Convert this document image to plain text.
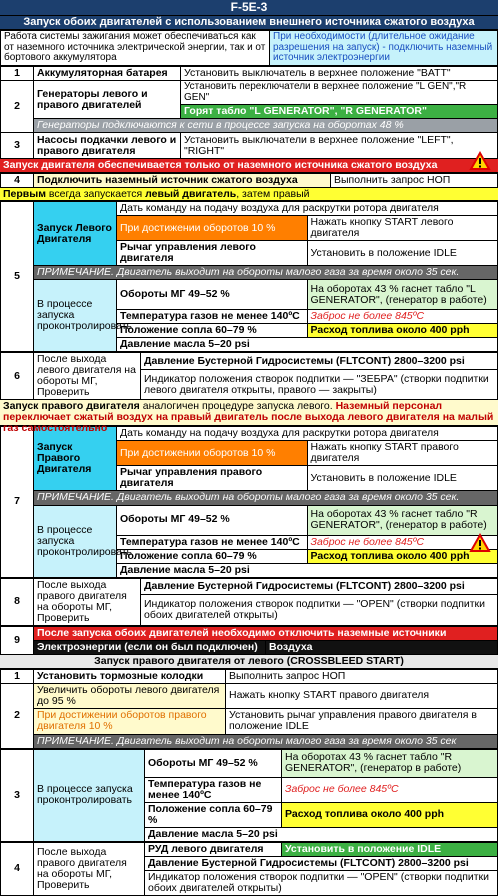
F-5E-3
Запуск обоих двигателей с использованием внешнего источника сжатого воздуха
Работа системы зажигания может обеспечиваться как от наземного источника электрической энергии, так и от бортового аккумулятора	При необходимости (длительное ожидание разрешения на запуск) - подключить наземный источник электроэнергии
1	Аккумуляторная батарея	Установить выключатель в верхнее положение "BATT"
2	Генераторы левого и правого двигателей	Установить переключатели в верхнее положение "L GEN","R GEN"
		Горят табло "L GENERATOR", "R GENERATOR"
	Генераторы подключаются к сети в процессе запуска на оборотах 48 %	
3	Насосы подкачки левого и правого двигателя	Установить выключатели в верхнее положение "LEFT", "RIGHT"
Запуск двигателя обеспечивается только от наземного источника сжатого воздуха
4	Подключить наземный источник сжатого воздуха	Выполнить запрос НОП
Первым всегда запускается левый двигатель, затем правый
5	Запуск Левого Двигателя	Дать команду на подачу воздуха для раскрутки ротора двигателя	
		При достижении оборотов 10 %	Нажать кнопку START левого двигателя
		Рычаг управления левого двигателя	Установить в положение IDLE
	ПРИМЕЧАНИЕ. Двигатель выходит на обороты малого газа за время около 35 сек.		
	В процессе запуска проконтролировать	Обороты МГ 49–52 %	На оборотах 43 % гаснет табло "L GENERATOR", (генератор в работе)
		Температура газов не менее 140ºC	Заброс не более 845ºC
		Положение сопла 60–79 %	Расход топлива около 400 pph
		Давление масла 5–20 psi	
6	После выхода левого двигателя на обороты МГ, Проверить	Давление Бустерной Гидросистемы (FLTCONT) 2800–3200 psi
Индикатор положения створок подпитки — "ЗЕБРА" (створки подпитки левого двигателя открыты, правого — закрыты)
Запуск правого двигателя аналогичен процедуре запуска левого. Наземный персонал переключает сжатый воздух на правый двигатель после выхода левого двигателя на малый газ самостоятельно
7	Запуск Правого Двигателя	Дать команду на подачу воздуха для раскрутки ротора двигателя	
		При достижении оборотов 10 %	Нажать кнопку START правого двигателя
		Рычаг управления правого двигателя	Установить в положение IDLE
	ПРИМЕЧАНИЕ. Двигатель выходит на обороты малого газа за время около 35 сек.		
	В процессе запуска проконтролировать	Обороты МГ 49–52 %	На оборотах 43 % гаснет табло "R GENERATOR", (генератор в работе)
		Температура газов не менее 140ºC	Заброс не более 845ºC
		Положение сопла 60–79 %	Расход топлива около 400 pph
		Давление масла 5–20 psi	
8	После выхода правого двигателя на обороты МГ, Проверить	Давление Бустерной Гидросистемы (FLTCONT) 2800–3200 psi
Индикатор положения створок подпитки — "OPEN" (створки подпитки обоих двигателей открыты)
9	После запуска обоих двигателей необходимо отключить наземные источники	
	Электроэнергии (если он был подключен)	Воздуха
Запуск правого двигателя от левого (CROSSBLEED START)
1	Установить тормозные колодки	Выполнить запрос НОП
2	Увеличить обороты левого двигателя до 95 %	Нажать кнопку START правого двигателя
	При достижении оборотов правого двигателя 10 %	Установить рычаг управления правого двигателя в положение IDLE
	ПРИМЕЧАНИЕ. Двигатель выходит на обороты малого газа за время около 35 сек	
3	В процессе запуска проконтролировать	Обороты МГ 49–52 %	На оборотах 43 % гаснет табло "R GENERATOR", (генератор в работе)
		Температура газов не менее 140ºC	Заброс не более 845ºC
		Положение сопла 60–79 %	Расход топлива около 400 pph
		Давление масла 5–20 psi	
4	После выхода правого двигателя на обороты МГ, Проверить	РУД левого двигателя	Установить в положение IDLE
Давление Бустерной Гидросистемы (FLTCONT) 2800–3200 psi
Индикатор положения створок подпитки — "OPEN" (створки подпитки обоих двигателей открыты)
